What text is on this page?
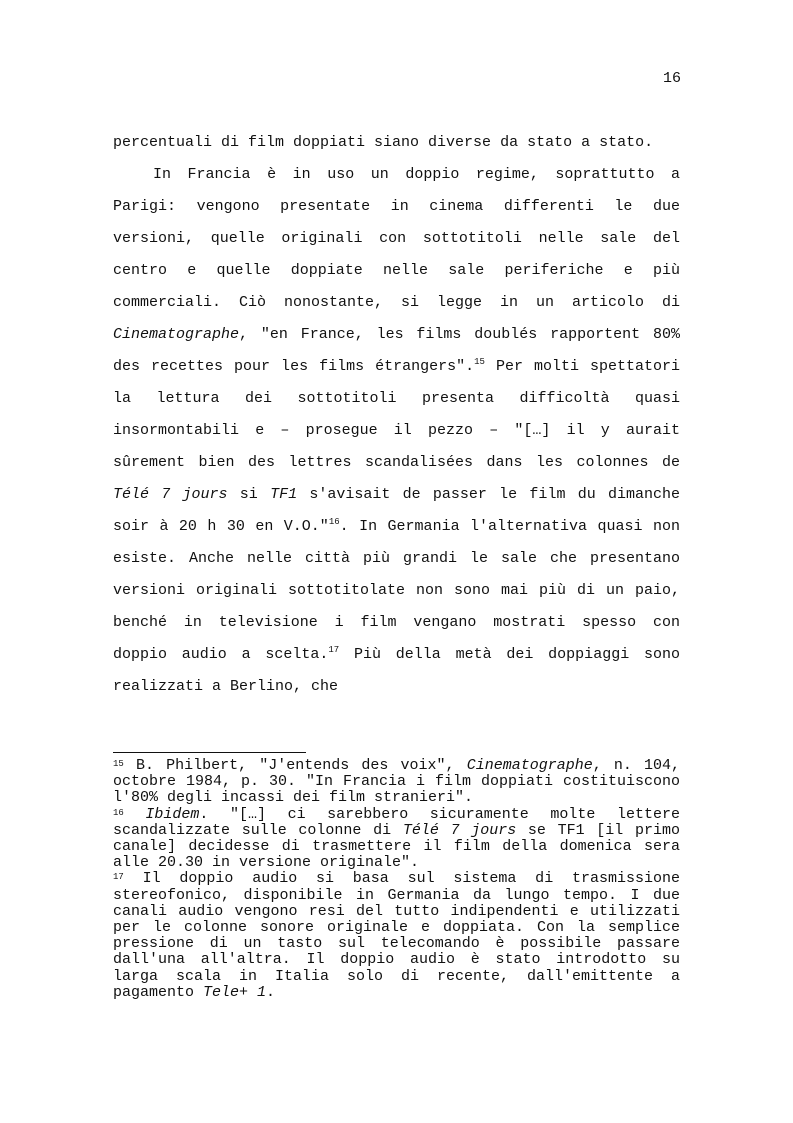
16

percentuali di film doppiati siano diverse da stato a stato.

In Francia è in uso un doppio regime, soprattutto a Parigi: vengono presentate in cinema differenti le due versioni, quelle originali con sottotitoli nelle sale del centro e quelle doppiate nelle sale periferiche e più commerciali. Ciò nonostante, si legge in un articolo di Cinematographe, "en France, les films doublés rapportent 80% des recettes pour les films étrangers".$^{15}$ Per molti spettatori la lettura dei sottotitoli presenta difficoltà quasi insormontabili e – prosegue il pezzo – "[…] il y aurait sûrement bien des lettres scandalisées dans les colonnes de Télé 7 jours si TF1 s'avisait de passer le film du dimanche soir à 20 h 30 en V.O."$^{16}$. In Germania l'alternativa quasi non esiste. Anche nelle città più grandi le sale che presentano versioni originali sottotitolate non sono mai più di un paio, benché in televisione i film vengano mostrati spesso con doppio audio a scelta.$^{17}$ Più della metà dei doppiaggi sono realizzati a Berlino, che

$^{15}$ B. Philbert, "J'entends des voix", Cinematographe, n. 104, octobre 1984, p. 30. "In Francia i film doppiati costituiscono l'80% degli incassi dei film stranieri".

$^{16}$ Ibidem. "[…] ci sarebbero sicuramente molte lettere scandalizzate sulle colonne di Télé 7 jours se TF1 [il primo canale] decidesse di trasmettere il film della domenica sera alle 20.30 in versione originale".

$^{17}$ Il doppio audio si basa sul sistema di trasmissione stereofonico, disponibile in Germania da lungo tempo. I due canali audio vengono resi del tutto indipendenti e utilizzati per le colonne sonore originale e doppiata. Con la semplice pressione di un tasto sul telecomando è possibile passare dall'una all'altra. Il doppio audio è stato introdotto su larga scala in Italia solo di recente, dall'emittente a pagamento Tele+ 1.
